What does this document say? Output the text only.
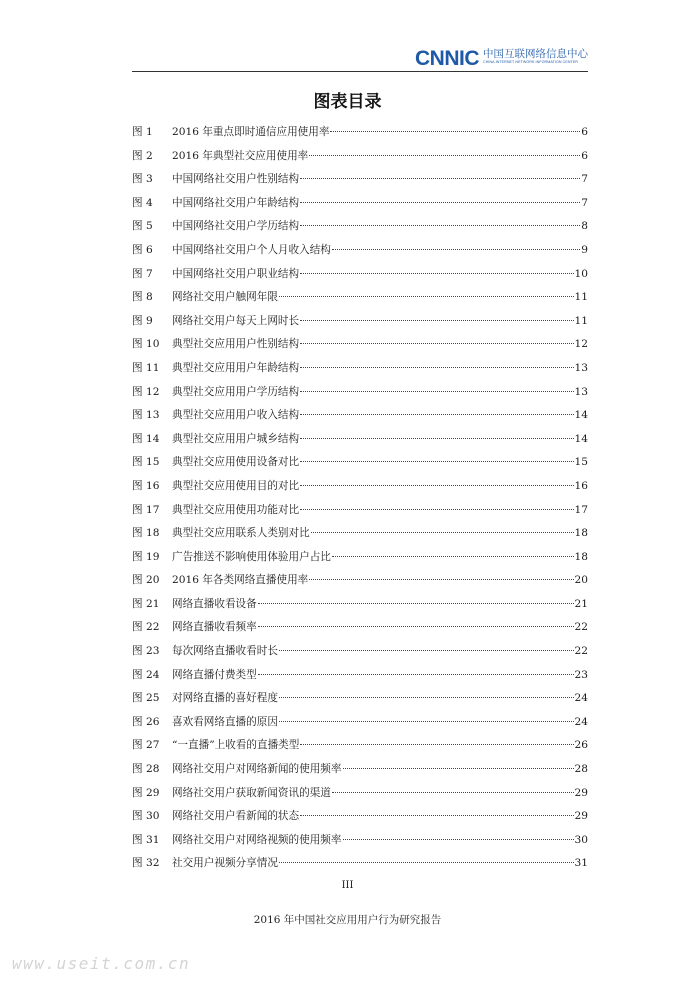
CNNIC 中国互联网络信息中心
CHINA INTERNET NETWORK INFORMATION CENTER
图表目录
图 1	2016 年重点即时通信应用使用率	6
图 2	2016 年典型社交应用使用率	6
图 3	中国网络社交用户性别结构	7
图 4	中国网络社交用户年龄结构	7
图 5	中国网络社交用户学历结构	8
图 6	中国网络社交用户个人月收入结构	9
图 7	中国网络社交用户职业结构	10
图 8	网络社交用户触网年限	11
图 9	网络社交用户每天上网时长	11
图 10	典型社交应用用户性别结构	12
图 11	典型社交应用用户年龄结构	13
图 12	典型社交应用用户学历结构	13
图 13	典型社交应用用户收入结构	14
图 14	典型社交应用用户城乡结构	14
图 15	典型社交应用使用设备对比	15
图 16	典型社交应用使用目的对比	16
图 17	典型社交应用使用功能对比	17
图 18	典型社交应用联系人类别对比	18
图 19	广告推送不影响使用体验用户占比	18
图 20	2016 年各类网络直播使用率	20
图 21	网络直播收看设备	21
图 22	网络直播收看频率	22
图 23	每次网络直播收看时长	22
图 24	网络直播付费类型	23
图 25	对网络直播的喜好程度	24
图 26	喜欢看网络直播的原因	24
图 27	“一直播”上收看的直播类型	26
图 28	网络社交用户对网络新闻的使用频率	28
图 29	网络社交用户获取新闻资讯的渠道	29
图 30	网络社交用户看新闻的状态	29
图 31	网络社交用户对网络视频的使用频率	30
图 32	社交用户视频分享情况	31
III
2016 年中国社交应用用户行为研究报告
www.useit.com.cn
